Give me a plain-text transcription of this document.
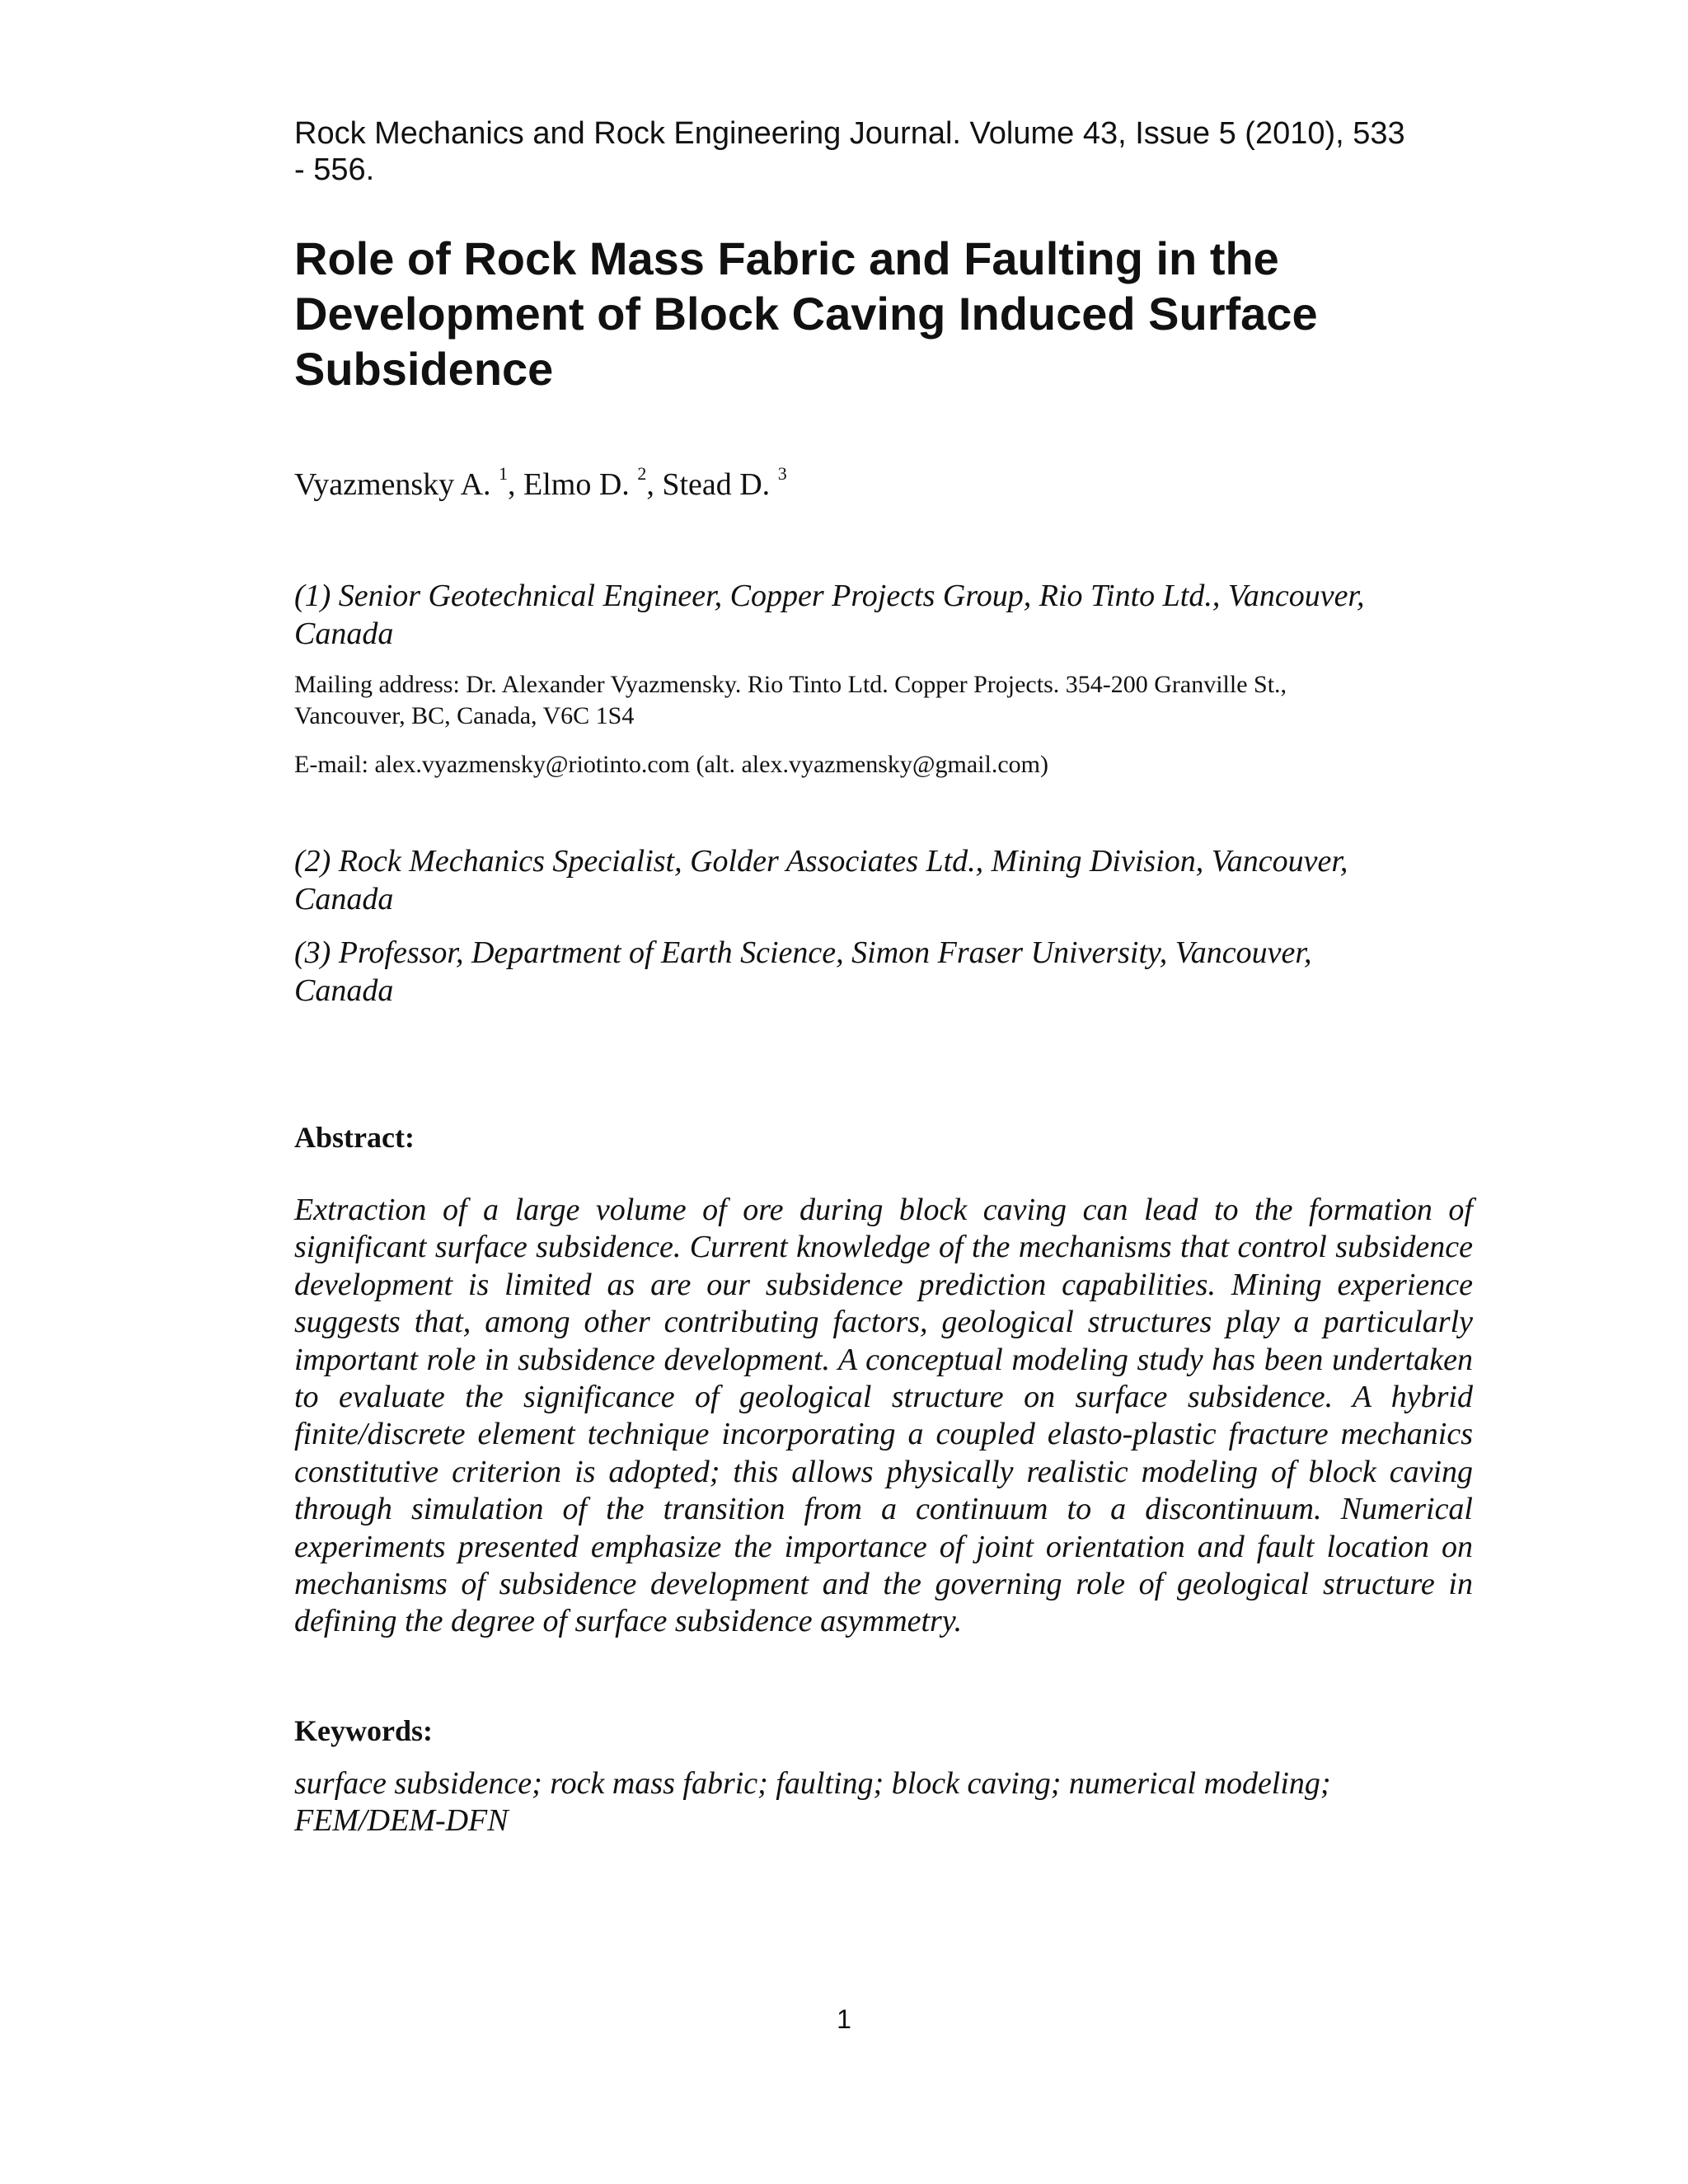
Rock Mechanics and Rock Engineering Journal. Volume 43, Issue 5 (2010), 533
- 556.
Role of Rock Mass Fabric and Faulting in the
Development of Block Caving Induced Surface
Subsidence
Vyazmensky A. $^1$, Elmo D. $^2$, Stead D. $^3$
(1) Senior Geotechnical Engineer, Copper Projects Group, Rio Tinto Ltd., Vancouver,
Canada
Mailing address: Dr. Alexander Vyazmensky. Rio Tinto Ltd. Copper Projects. 354-200 Granville St.,
Vancouver, BC, Canada, V6C 1S4
E-mail: alex.vyazmensky@riotinto.com (alt. alex.vyazmensky@gmail.com)
(2) Rock Mechanics Specialist, Golder Associates Ltd., Mining Division, Vancouver,
Canada
(3) Professor, Department of Earth Science, Simon Fraser University, Vancouver,
Canada
Abstract:

Extraction of a large volume of ore during block caving can lead to the formation of significant surface subsidence. Current knowledge of the mechanisms that control subsidence development is limited as are our subsidence prediction capabilities. Mining experience suggests that, among other contributing factors, geological structures play a particularly important role in subsidence development. A conceptual modeling study has been undertaken to evaluate the significance of geological structure on surface subsidence. A hybrid finite/discrete element technique incorporating a coupled elasto-plastic fracture mechanics constitutive criterion is adopted; this allows physically realistic modeling of block caving through simulation of the transition from a continuum to a discontinuum. Numerical experiments presented emphasize the importance of joint orientation and fault location on mechanisms of subsidence development and the governing role of geological structure in defining the degree of surface subsidence asymmetry.

Keywords:
surface subsidence; rock mass fabric; faulting; block caving; numerical modeling;
FEM/DEM-DFN
1
